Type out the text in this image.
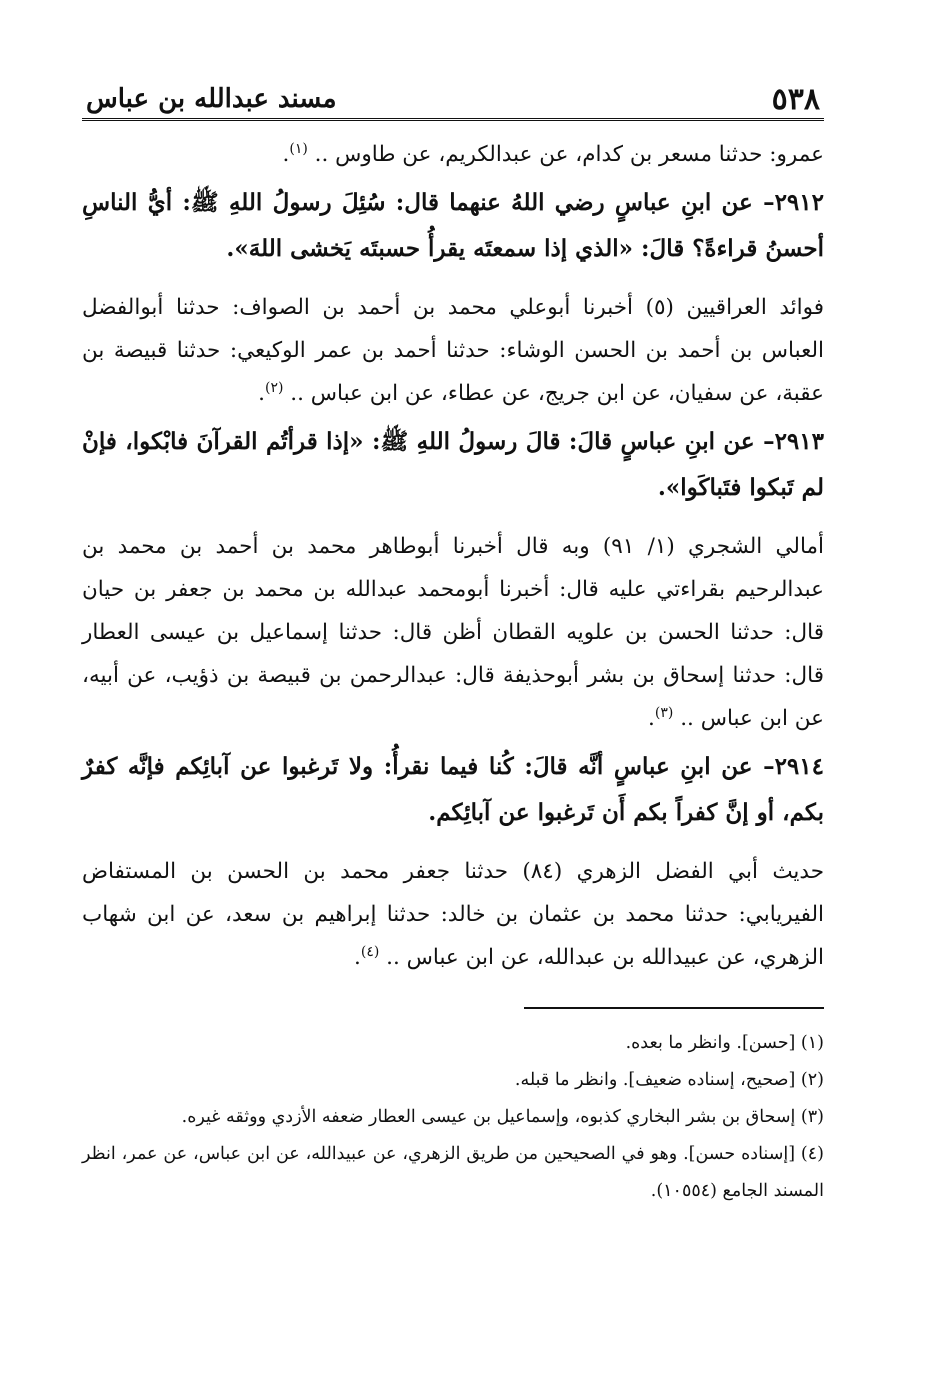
٥٣٨
مسند عبدالله بن عباس

عمرو: حدثنا مسعر بن كدام، عن عبدالكريم، عن طاوس .. $^{(١)}$.

٢٩١٢– عن ابنِ عباسٍ رضي اللهُ عنهما قال: سُئِلَ رسولُ اللهِ ﷺ: أيُّ الناسِ أحسنُ قراءةً؟ قالَ: «الذي إذا سمعتَه يقرأُ حسبتَه يَخشى اللهَ».

فوائد العراقيين (٥) أخبرنا أبوعلي محمد بن أحمد بن الصواف: حدثنا أبوالفضل العباس بن أحمد بن الحسن الوشاء: حدثنا أحمد بن عمر الوكيعي: حدثنا قبيصة بن عقبة، عن سفيان، عن ابن جريج، عن عطاء، عن ابن عباس .. $^{(٢)}$.

٢٩١٣– عن ابنِ عباسٍ قالَ: قالَ رسولُ اللهِ ﷺ: «إذا قرأتُم القرآنَ فابْكوا، فإنْ لم تَبكوا فتَباكَوا».

أمالي الشجري (١/ ٩١) وبه قال أخبرنا أبوطاهر محمد بن أحمد بن محمد بن عبدالرحيم بقراءتي عليه قال: أخبرنا أبومحمد عبدالله بن محمد بن جعفر بن حيان قال: حدثنا الحسن بن علويه القطان أظن قال: حدثنا إسماعيل بن عيسى العطار قال: حدثنا إسحاق بن بشر أبوحذيفة قال: عبدالرحمن بن قبيصة بن ذؤيب، عن أبيه، عن ابن عباس .. $^{(٣)}$.

٢٩١٤– عن ابنِ عباسٍ أنَّه قالَ: كُنا فيما نقرأُ: ولا تَرغبوا عن آبائِكم فإنَّه كفرٌ بكم، أو إنَّ كفراً بكم أَن تَرغبوا عن آبائِكم.

حديث أبي الفضل الزهري (٨٤) حدثنا جعفر محمد بن الحسن بن المستفاض الفيريابي: حدثنا محمد بن عثمان بن خالد: حدثنا إبراهيم بن سعد، عن ابن شهاب الزهري، عن عبيدالله بن عبدالله، عن ابن عباس .. $^{(٤)}$.

(١) [حسن]. وانظر ما بعده.

(٢) [صحيح، إسناده ضعيف]. وانظر ما قبله.

(٣) إسحاق بن بشر البخاري كذبوه، وإسماعيل بن عيسى العطار ضعفه الأزدي ووثقه غيره.

(٤) [إسناده حسن]. وهو في الصحيحين من طريق الزهري، عن عبيدالله، عن ابن عباس، عن عمر، انظر المسند الجامع (١٠٥٥٤).
